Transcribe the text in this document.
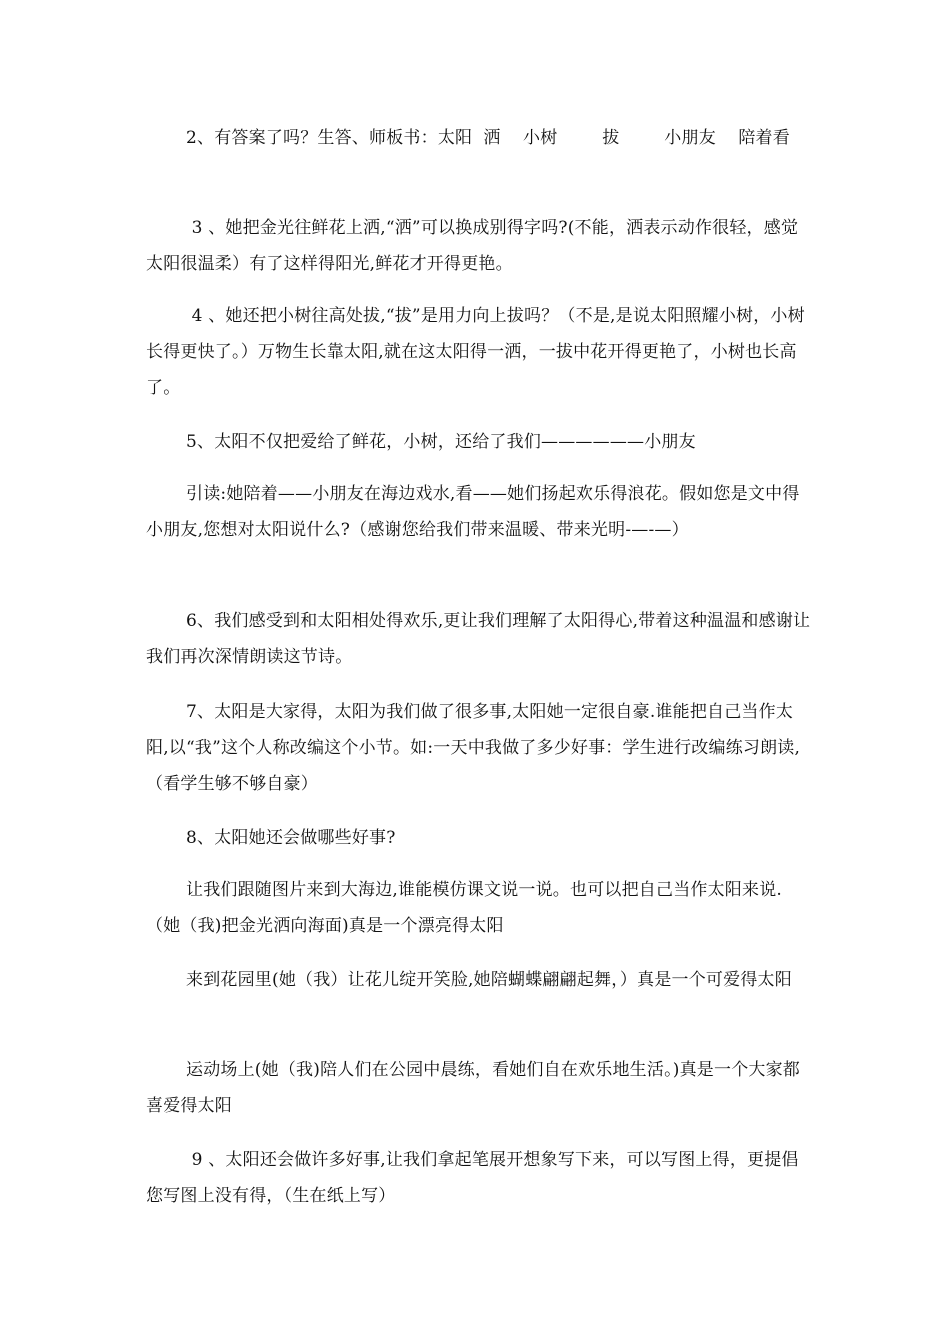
2、有答案了吗？生答、师板书：太阳  洒    小树        拔        小朋友    陪着看

3 、她把金光往鲜花上洒,“洒”可以换成别得字吗?(不能，洒表示动作很轻，感觉太阳很温柔）有了这样得阳光,鲜花才开得更艳。

4 、她还把小树往高处拔,“拔”是用力向上拔吗？（不是,是说太阳照耀小树，小树长得更快了。）万物生长靠太阳,就在这太阳得一洒，一拔中花开得更艳了，小树也长高了。

5、太阳不仅把爱给了鲜花，小树，还给了我们——————小朋友

引读:她陪着——小朋友在海边戏水,看——她们扬起欢乐得浪花。假如您是文中得小朋友,您想对太阳说什么?（感谢您给我们带来温暖、带来光明-—-—）

6、我们感受到和太阳相处得欢乐,更让我们理解了太阳得心,带着这种温温和感谢让我们再次深情朗读这节诗。

7、太阳是大家得，太阳为我们做了很多事,太阳她一定很自豪.谁能把自己当作太阳,以“我”这个人称改编这个小节。如:一天中我做了多少好事：学生进行改编练习朗读,（看学生够不够自豪）

8、太阳她还会做哪些好事?

让我们跟随图片来到大海边,谁能模仿课文说一说。也可以把自己当作太阳来说.（她（我)把金光洒向海面)真是一个漂亮得太阳

来到花园里(她（我）让花儿绽开笑脸,她陪蝴蝶翩翩起舞，）真是一个可爱得太阳

运动场上(她（我)陪人们在公园中晨练，看她们自在欢乐地生活。)真是一个大家都喜爱得太阳

9 、太阳还会做许多好事,让我们拿起笔展开想象写下来，可以写图上得，更提倡您写图上没有得，（生在纸上写）
